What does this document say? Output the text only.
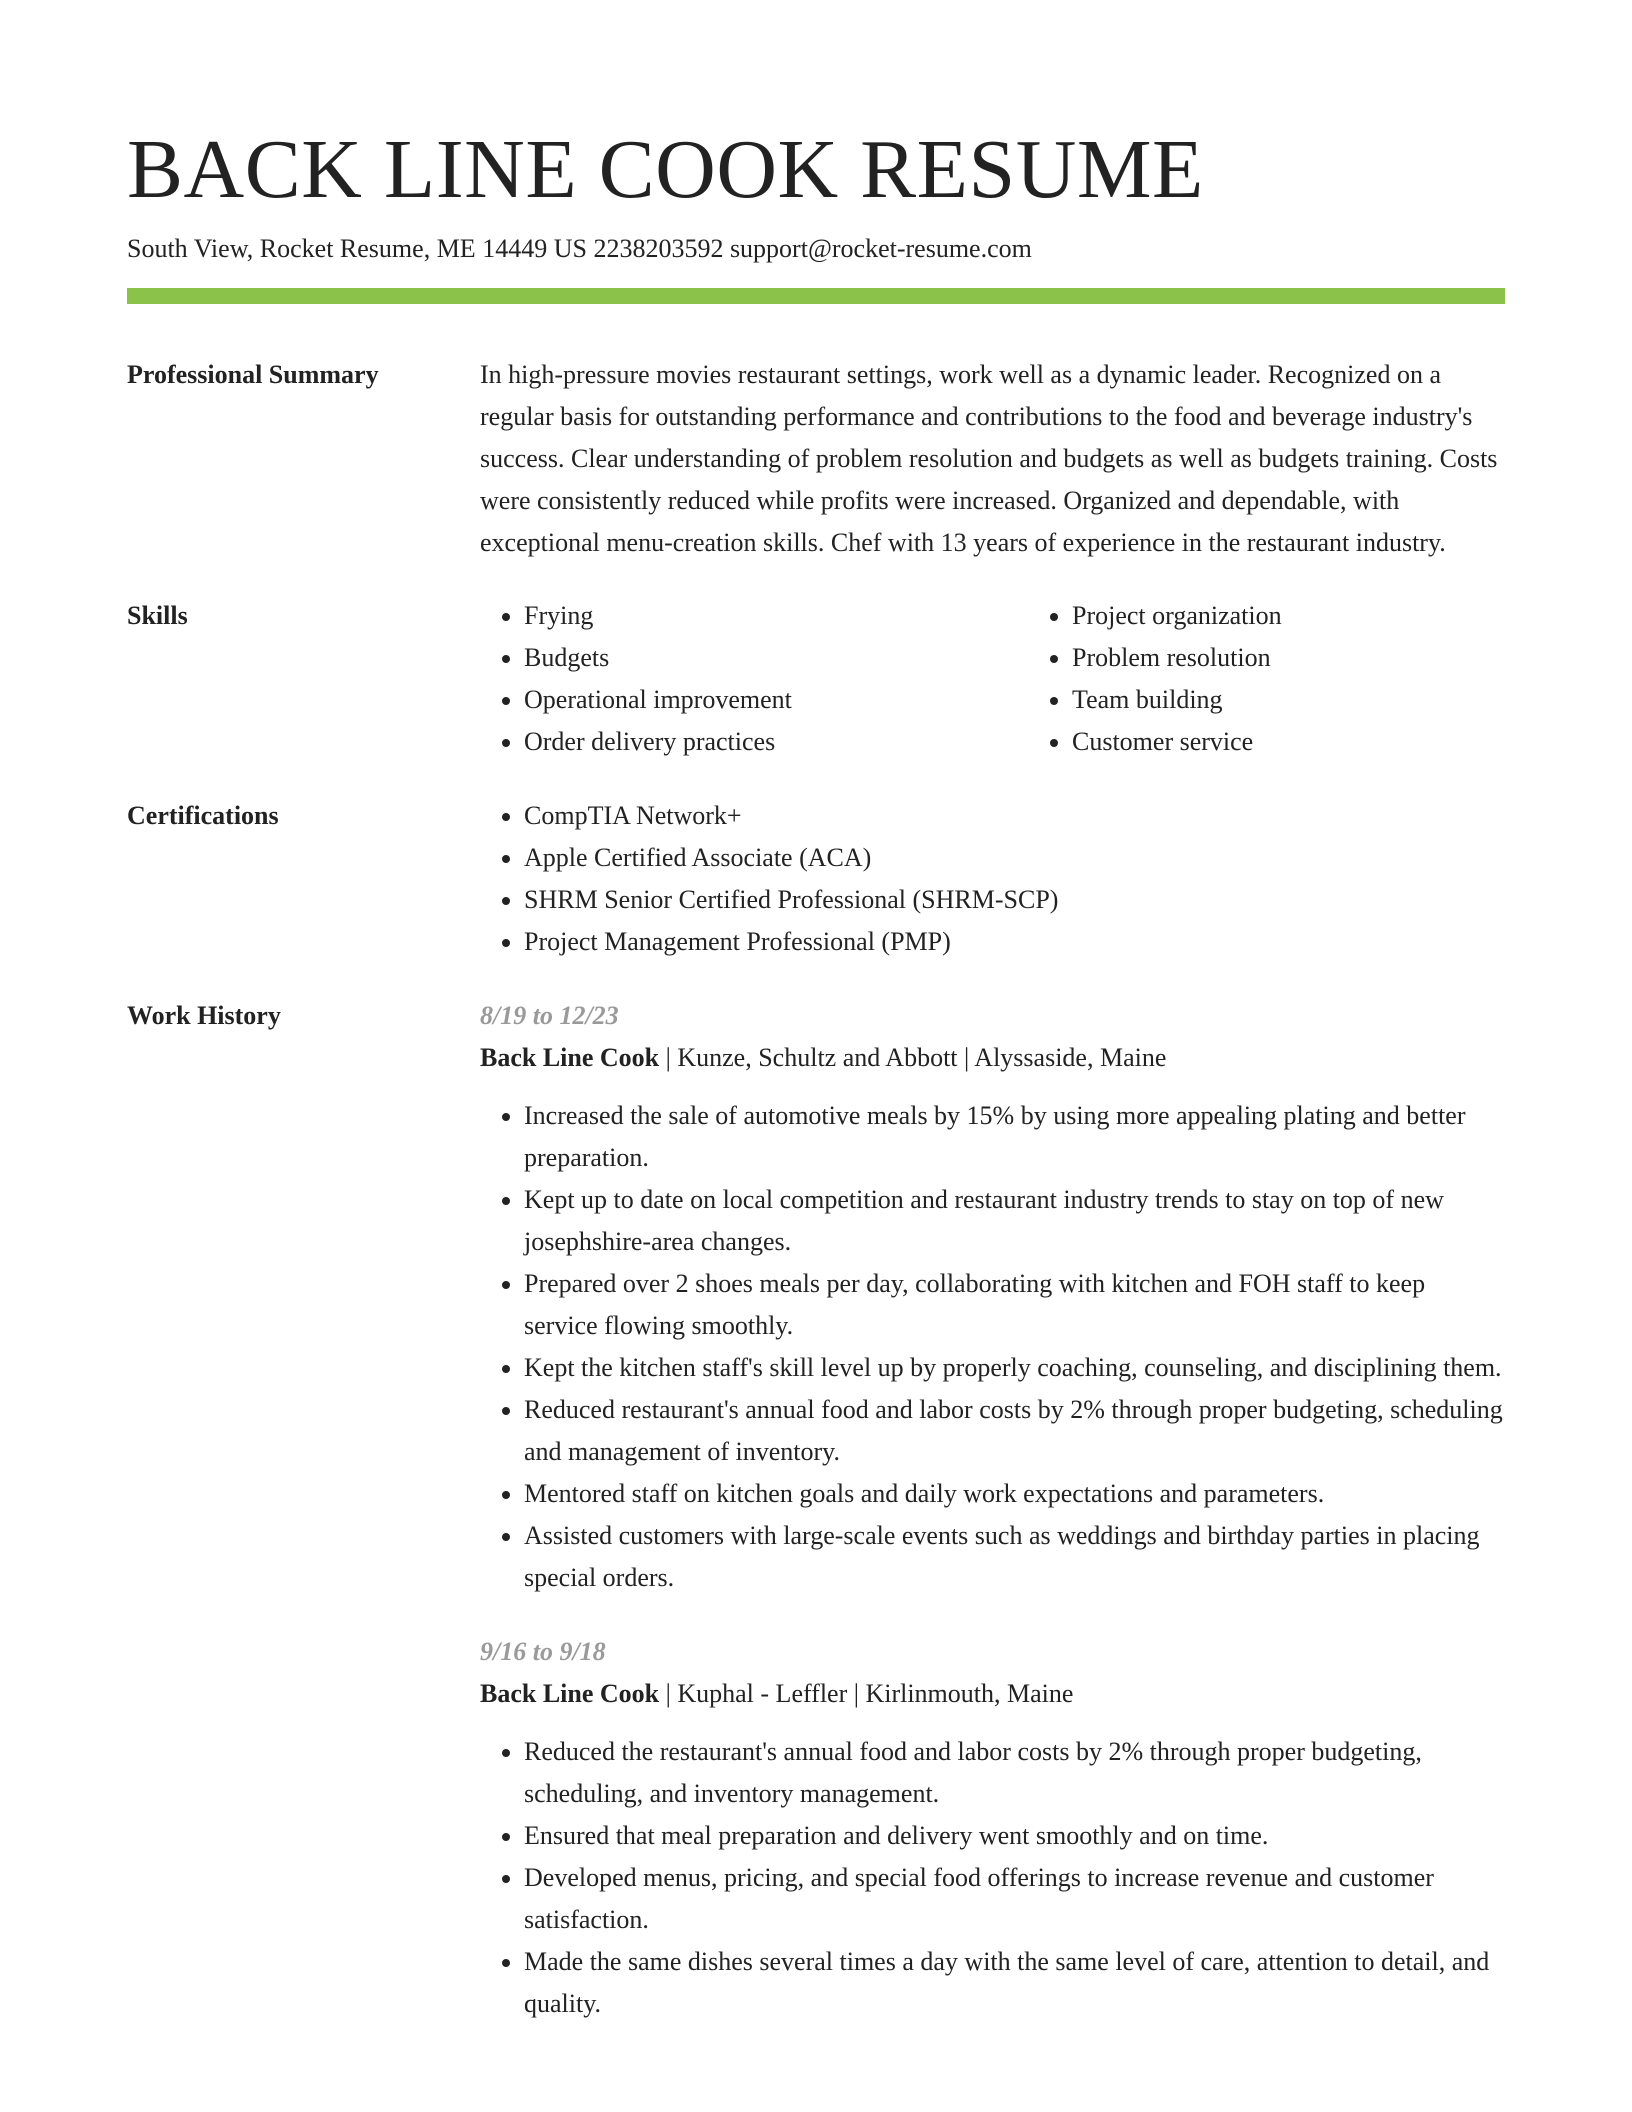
BACK LINE COOK RESUME
South View, Rocket Resume, ME 14449 US 2238203592 support@rocket-resume.com
Professional Summary	In high-pressure movies restaurant settings, work well as a dynamic leader. Recognized on a regular basis for outstanding performance and contributions to the food and beverage industry's success. Clear understanding of problem resolution and budgets as well as budgets training. Costs were consistently reduced while profits were increased. Organized and dependable, with exceptional menu-creation skills. Chef with 13 years of experience in the restaurant industry.

Skills	• Frying
• Budgets
• Operational improvement
• Order delivery practices
• Project organization
• Problem resolution
• Team building
• Customer service
Certifications	• CompTIA Network+
• Apple Certified Associate (ACA)
• SHRM Senior Certified Professional (SHRM-SCP)
• Project Management Professional (PMP)
Work History	8/19 to 12/23
Back Line Cook | Kunze, Schultz and Abbott | Alyssaside, Maine
• Increased the sale of automotive meals by 15% by using more appealing plating and better preparation.
• Kept up to date on local competition and restaurant industry trends to stay on top of new josephshire-area changes.
• Prepared over 2 shoes meals per day, collaborating with kitchen and FOH staff to keep service flowing smoothly.
• Kept the kitchen staff's skill level up by properly coaching, counseling, and disciplining them.
• Reduced restaurant's annual food and labor costs by 2% through proper budgeting, scheduling and management of inventory.
• Mentored staff on kitchen goals and daily work expectations and parameters.
• Assisted customers with large-scale events such as weddings and birthday parties in placing special orders.
9/16 to 9/18
Back Line Cook | Kuphal - Leffler | Kirlinmouth, Maine
• Reduced the restaurant's annual food and labor costs by 2% through proper budgeting, scheduling, and inventory management.
• Ensured that meal preparation and delivery went smoothly and on time.
• Developed menus, pricing, and special food offerings to increase revenue and customer satisfaction.
• Made the same dishes several times a day with the same level of care, attention to detail, and quality.
